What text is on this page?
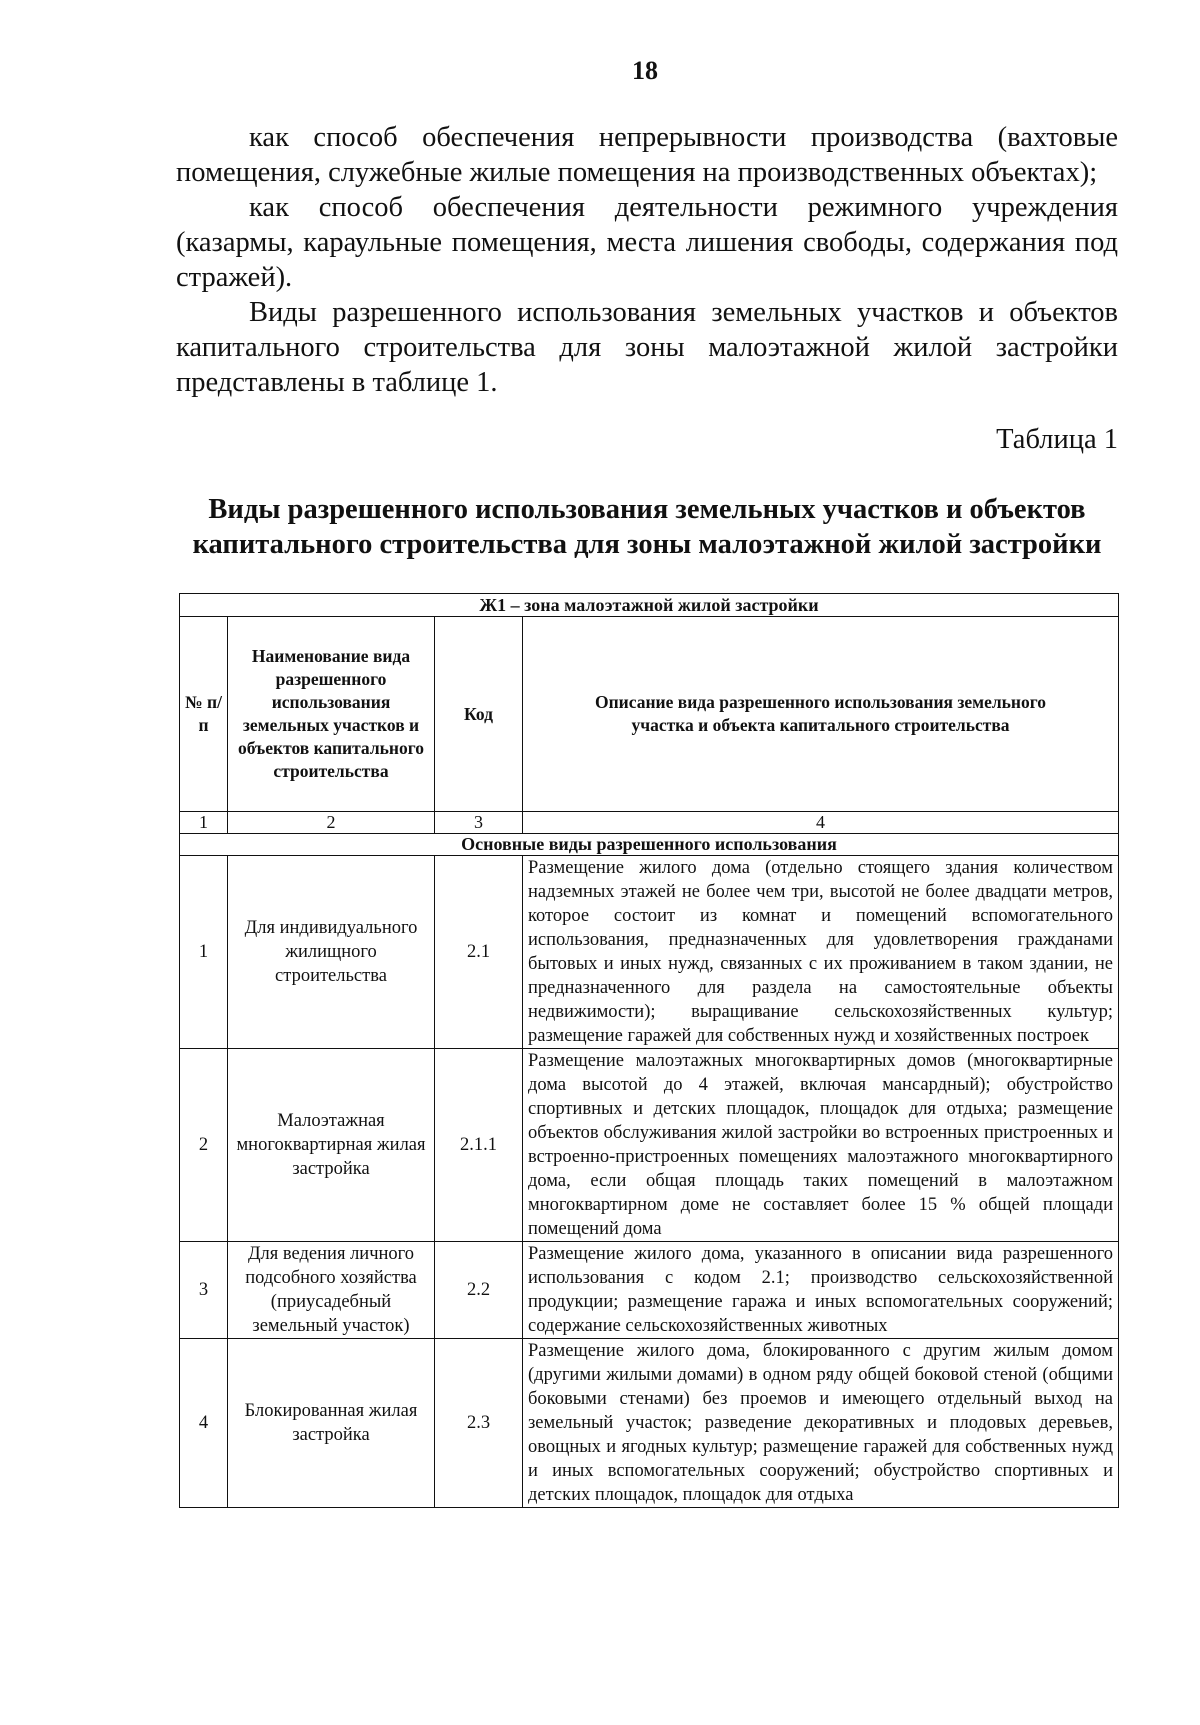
18

как способ обеспечения непрерывности производства (вахтовые помещения, служебные жилые помещения на производственных объектах);

как способ обеспечения деятельности режимного учреждения (казармы, караульные помещения, места лишения свободы, содержания под стражей).

Виды разрешенного использования земельных участков и объектов капитального строительства для зоны малоэтажной жилой застройки представлены в таблице 1.

Таблица 1
Виды разрешенного использования земельных участков и объектов капитального строительства для зоны малоэтажной жилой застройки
Ж1 – зона малоэтажной жилой застройки			
№ п/п	Наименование вида разрешенного использования земельных участков и объектов капитального строительства	Код	Описание вида разрешенного использования земельного участка и объекта капитального строительства
1	2	3	4
Основные виды разрешенного использования			
1	Для индивидуального жилищного строительства	2.1	Размещение жилого дома (отдельно стоящего здания количеством надземных этажей не более чем три, высотой не более двадцати метров, которое состоит из комнат и помещений вспомогательного использования, предназначенных для удовлетворения гражданами бытовых и иных нужд, связанных с их проживанием в таком здании, не предназначенного для раздела на самостоятельные объекты недвижимости); выращивание сельскохозяйственных культур; размещение гаражей для собственных нужд и хозяйственных построек
2	Малоэтажная многоквартирная жилая застройка	2.1.1	Размещение малоэтажных многоквартирных домов (многоквартирные дома высотой до 4 этажей, включая мансардный); обустройство спортивных и детских площадок, площадок для отдыха; размещение объектов обслуживания жилой застройки во встроенных пристроенных и встроенно-пристроенных помещениях малоэтажного многоквартирного дома, если общая площадь таких помещений в малоэтажном многоквартирном доме не составляет более 15 % общей площади помещений дома
3	Для ведения личного подсобного хозяйства (приусадебный земельный участок)	2.2	Размещение жилого дома, указанного в описании вида разрешенного использования с кодом 2.1; производство сельскохозяйственной продукции; размещение гаража и иных вспомогательных сооружений; содержание сельскохозяйственных животных
4	Блокированная жилая застройка	2.3	Размещение жилого дома, блокированного с другим жилым домом (другими жилыми домами) в одном ряду общей боковой стеной (общими боковыми стенами) без проемов и имеющего отдельный выход на земельный участок; разведение декоративных и плодовых деревьев, овощных и ягодных культур; размещение гаражей для собственных нужд и иных вспомогательных сооружений; обустройство спортивных и детских площадок, площадок для отдыха
